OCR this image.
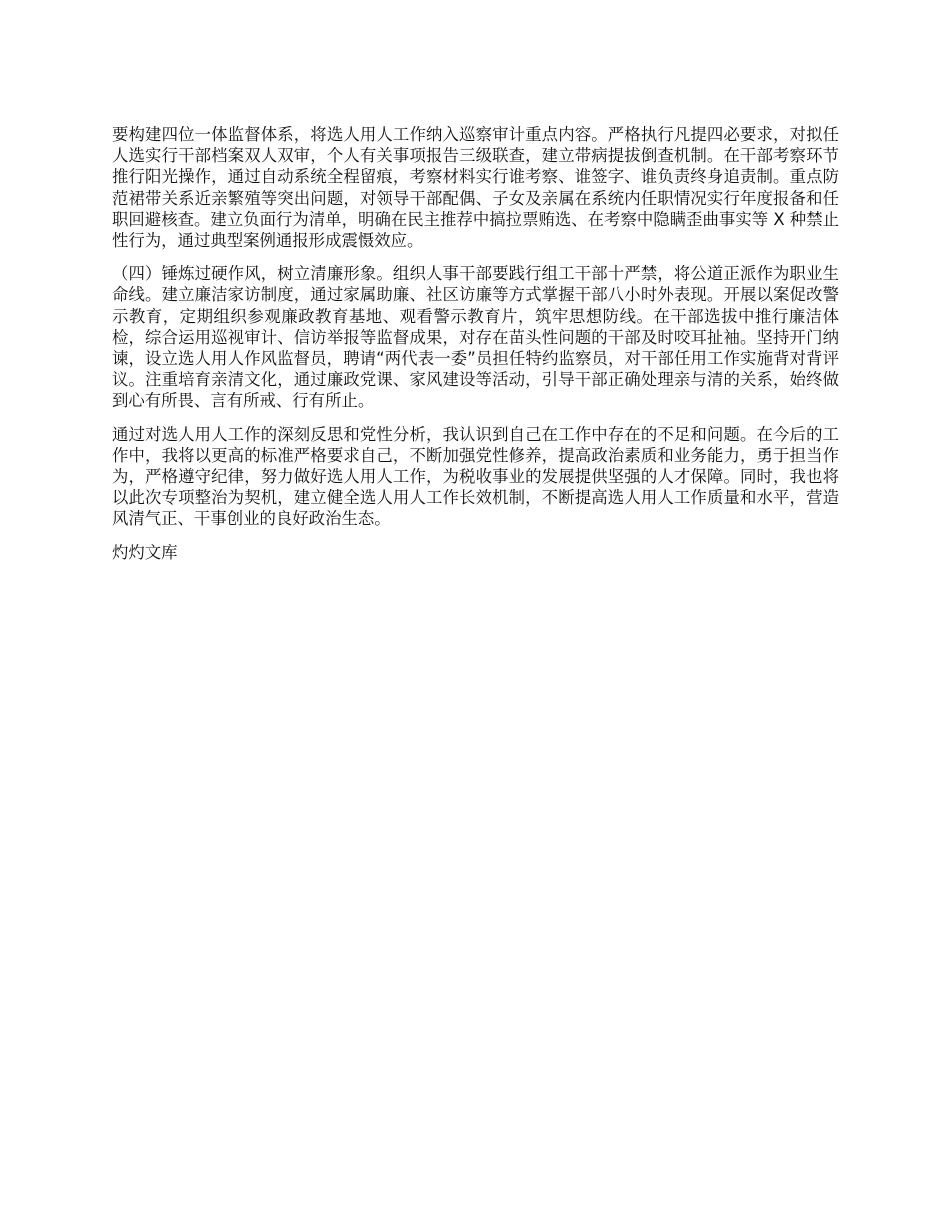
要构建四位一体监督体系，将选人用人工作纳入巡察审计重点内容。严格执行凡提四必要求，对拟任人选实行干部档案双人双审，个人有关事项报告三级联查，建立带病提拔倒查机制。在干部考察环节推行阳光操作，通过自动系统全程留痕，考察材料实行谁考察、谁签字、谁负责终身追责制。重点防范裙带关系近亲繁殖等突出问题，对领导干部配偶、子女及亲属在系统内任职情况实行年度报备和任职回避核查。建立负面行为清单，明确在民主推荐中搞拉票贿选、在考察中隐瞒歪曲事实等 X 种禁止性行为，通过典型案例通报形成震慑效应。

（四）锤炼过硬作风，树立清廉形象。组织人事干部要践行组工干部十严禁，将公道正派作为职业生命线。建立廉洁家访制度，通过家属助廉、社区访廉等方式掌握干部八小时外表现。开展以案促改警示教育，定期组织参观廉政教育基地、观看警示教育片，筑牢思想防线。在干部选拔中推行廉洁体检，综合运用巡视审计、信访举报等监督成果，对存在苗头性问题的干部及时咬耳扯袖。坚持开门纳谏，设立选人用人作风监督员，聘请“两代表一委”员担任特约监察员，对干部任用工作实施背对背评议。注重培育亲清文化，通过廉政党课、家风建设等活动，引导干部正确处理亲与清的关系，始终做到心有所畏、言有所戒、行有所止。

通过对选人用人工作的深刻反思和党性分析，我认识到自己在工作中存在的不足和问题。在今后的工作中，我将以更高的标准严格要求自己，不断加强党性修养，提高政治素质和业务能力，勇于担当作为，严格遵守纪律，努力做好选人用人工作，为税收事业的发展提供坚强的人才保障。同时，我也将以此次专项整治为契机，建立健全选人用人工作长效机制，不断提高选人用人工作质量和水平，营造风清气正、干事创业的良好政治生态。

灼灼文库
